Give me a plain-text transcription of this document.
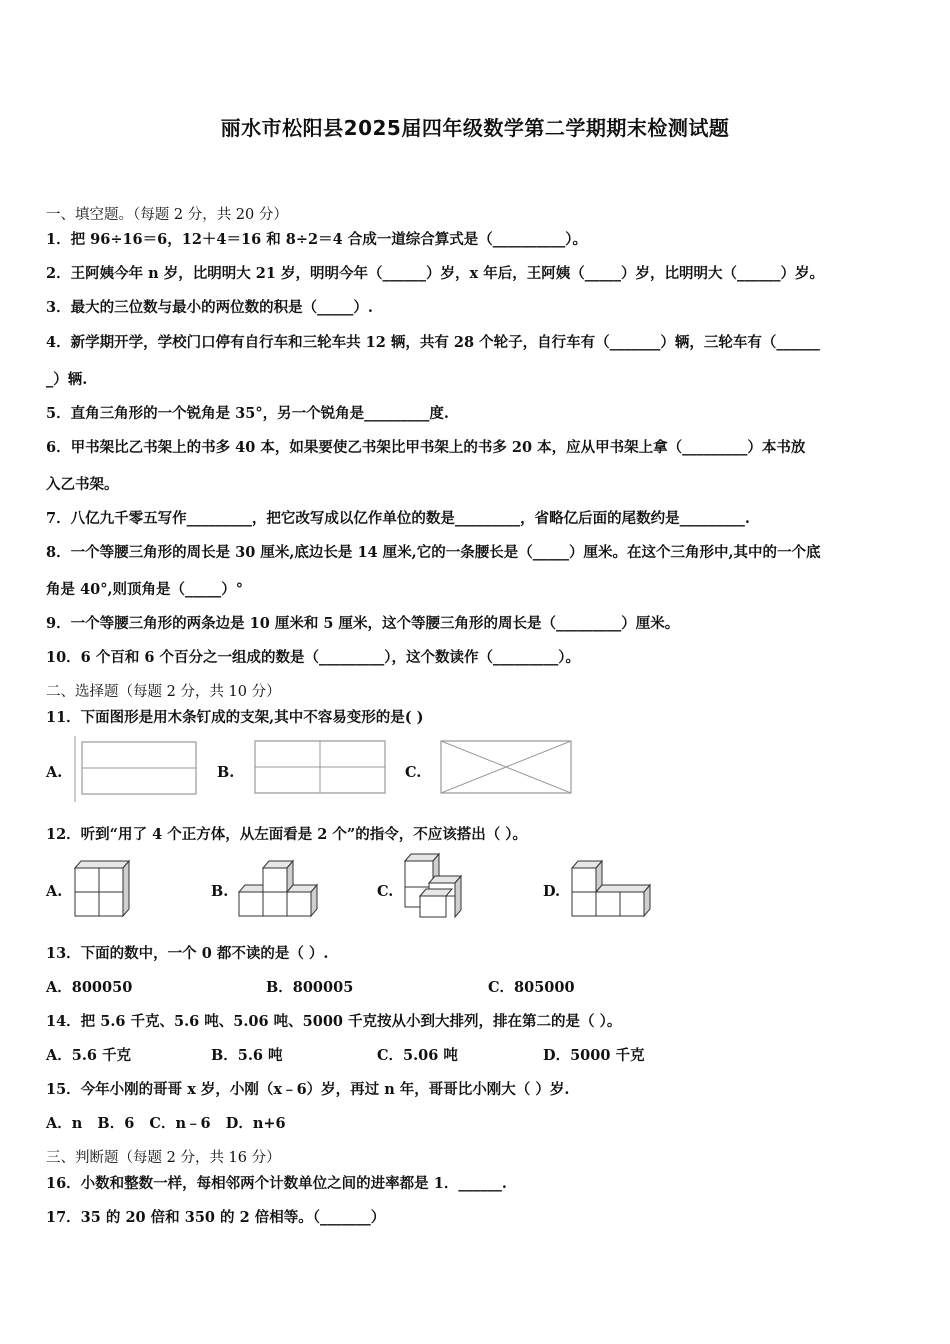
丽水市松阳县2025届四年级数学第二学期期末检测试题
一、填空题。（每题 2 分，共 20 分）
1．把 96÷16＝6，12＋4＝16 和 8÷2＝4 合成一道综合算式是（__________）。
2．王阿姨今年 n 岁，比明明大 21 岁，明明今年（______）岁，x 年后，王阿姨（_____）岁，比明明大（______）岁。
3．最大的三位数与最小的两位数的积是（_____）.
4．新学期开学，学校门口停有自行车和三轮车共 12 辆，共有 28 个轮子，自行车有（_______）辆，三轮车有（______
_）辆.
5．直角三角形的一个锐角是 35°，另一个锐角是_________度.
6．甲书架比乙书架上的书多 40 本，如果要使乙书架比甲书架上的书多 20 本，应从甲书架上拿（_________）本书放
入乙书架。
7．八亿九千零五写作_________，把它改写成以亿作单位的数是_________，省略亿后面的尾数约是_________.
8．一个等腰三角形的周长是 30 厘米,底边长是 14 厘米,它的一条腰长是（_____）厘米。在这个三角形中,其中的一个底
角是 40°,则顶角是（_____）°
9．一个等腰三角形的两条边是 10 厘米和 5 厘米，这个等腰三角形的周长是（_________）厘米。
10．6 个百和 6 个百分之一组成的数是（_________），这个数读作（_________）。
二、选择题（每题 2 分，共 10 分）
11．下面图形是用木条钉成的支架,其中不容易变形的是( )
A.	B.	C.
12．听到“用了 4 个正方体，从左面看是 2 个”的指令，不应该搭出（ ）。
A.	B.	C.	D.
13．下面的数中，一个 0 都不读的是（ ）.
A．800050	B．800005	C．805000
14．把 5.6 千克、5.6 吨、5.06 吨、5000 千克按从小到大排列，排在第二的是（ ）。
A．5.6 千克	B．5.6 吨	C．5.06 吨	D．5000 千克
15．今年小刚的哥哥 x 岁，小刚（x﹣6）岁，再过 n 年，哥哥比小刚大（ ）岁.
A．n   B．6   C．n﹣6   D．n+6
三、判断题（每题 2 分，共 16 分）
16．小数和整数一样，每相邻两个计数单位之间的进率都是 1．______.
17．35 的 20 倍和 350 的 2 倍相等。（_______）
